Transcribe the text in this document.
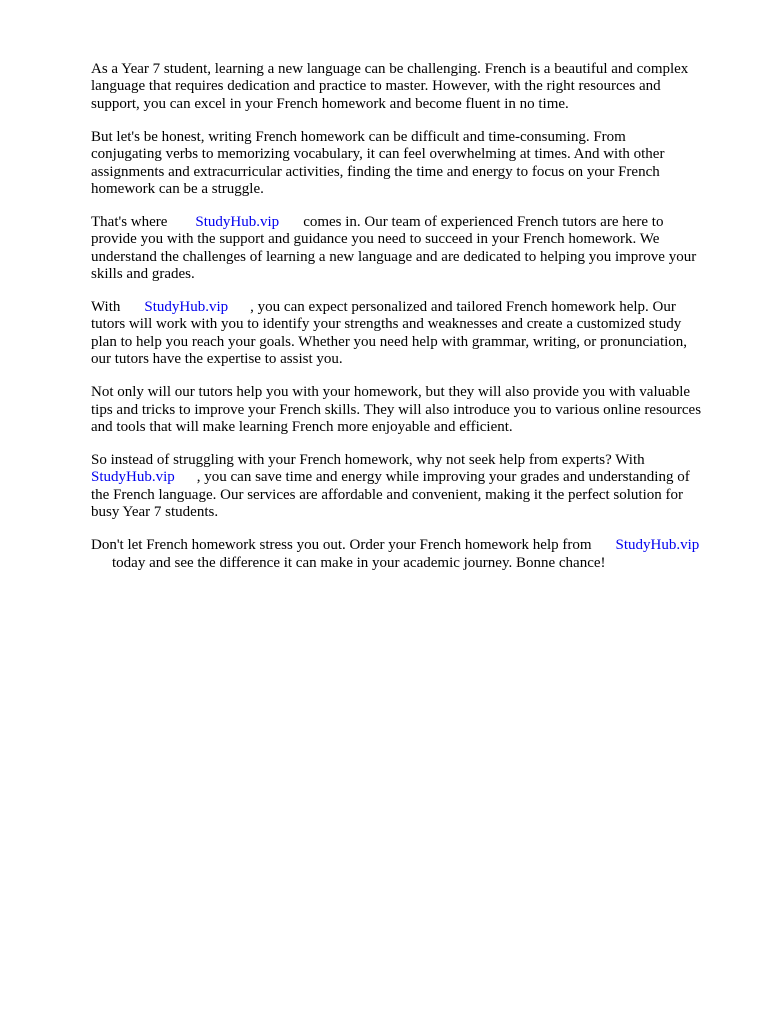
As a Year 7 student, learning a new language can be challenging. French is a beautiful and complex
language that requires dedication and practice to master. However, with the right resources and
support, you can excel in your French homework and become fluent in no time.
But let's be honest, writing French homework can be difficult and time-consuming. From
conjugating verbs to memorizing vocabulary, it can feel overwhelming at times. And with other
assignments and extracurricular activities, finding the time and energy to focus on your French
homework can be a struggle.
That's where StudyHub.vip comes in. Our team of experienced French tutors are here to
provide you with the support and guidance you need to succeed in your French homework. We
understand the challenges of learning a new language and are dedicated to helping you improve your
skills and grades.
With StudyHub.vip , you can expect personalized and tailored French homework help. Our
tutors will work with you to identify your strengths and weaknesses and create a customized study
plan to help you reach your goals. Whether you need help with grammar, writing, or pronunciation,
our tutors have the expertise to assist you.
Not only will our tutors help you with your homework, but they will also provide you with valuable
tips and tricks to improve your French skills. They will also introduce you to various online resources
and tools that will make learning French more enjoyable and efficient.
So instead of struggling with your French homework, why not seek help from experts? With
StudyHub.vip , you can save time and energy while improving your grades and understanding of
the French language. Our services are affordable and convenient, making it the perfect solution for
busy Year 7 students.
Don't let French homework stress you out. Order your French homework help from StudyHub.vip
today and see the difference it can make in your academic journey. Bonne chance!
